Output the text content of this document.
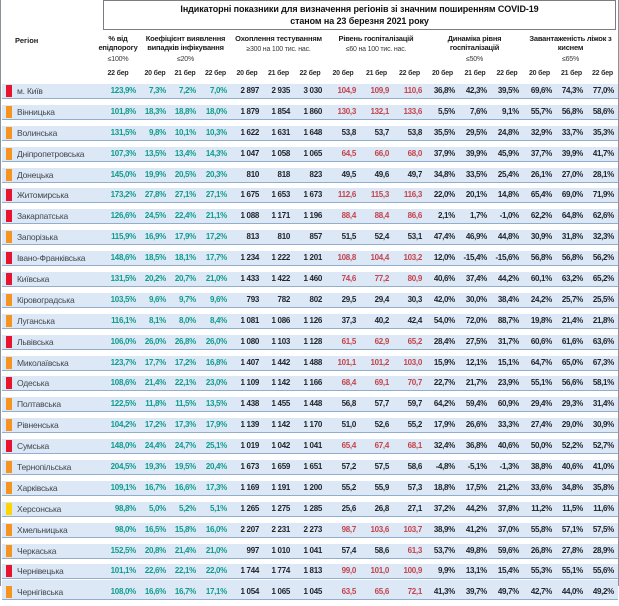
Індикаторні показники для визначення регіонів зі значним поширенням COVID-19
станом на 23 березня 2021 року
Регіон	% від епідпорогу
≤100%
Коефіцієнт виявлення випадків інфікування
≤20%
Охоплення тестуванням
≥300 на 100 тис. нас.
Рівень госпіталізацій
≤60 на 100 тис. нас.
Динаміка рівня госпіталізацій
≤50%
Завантаженість ліжок з киснем
≤65%
22 бер	20 бер	21 бер	22 бер	20 бер	21 бер	22 бер	20 бер	21 бер	22 бер	20 бер	21 бер	22 бер	20 бер	21 бер	22 бер
м. Київ	123,9%	7,3%	7,2%	7,0%	2 897	2 935	3 030	104,9	109,9	110,6	36,8%	42,3%	39,5%	69,6%	74,3%	77,0%
Вінницька	101,8%	18,3%	18,8%	18,0%	1 879	1 854	1 860	130,3	132,1	133,6	5,5%	7,6%	9,1%	55,7%	56,8%	58,6%
Волинська	131,5%	9,8%	10,1%	10,3%	1 622	1 631	1 648	53,8	53,7	53,8	35,5%	29,5%	24,8%	32,9%	33,7%	35,3%
Дніпропетровська	107,3%	13,5%	13,4%	14,3%	1 047	1 058	1 065	64,5	66,0	68,0	37,9%	39,9%	45,9%	37,7%	39,9%	41,7%
Донецька	145,0%	19,9%	20,5%	20,3%	810	818	823	49,5	49,6	49,7	34,8%	33,5%	25,4%	26,1%	27,0%	28,1%
Житомирська	173,2%	27,8%	27,1%	27,1%	1 675	1 653	1 673	112,6	115,3	116,3	22,0%	20,1%	14,8%	65,4%	69,0%	71,9%
Закарпатська	126,6%	24,5%	22,4%	21,1%	1 088	1 171	1 196	88,4	88,4	86,6	2,1%	1,7%	-1,0%	62,2%	64,8%	62,6%
Запорізька	115,9%	16,9%	17,9%	17,2%	813	810	857	51,5	52,4	53,1	47,4%	46,9%	44,8%	30,9%	31,8%	32,3%
Івано-Франківська	148,6%	18,5%	18,1%	17,7%	1 234	1 222	1 201	108,8	104,4	103,2	12,0%	-15,4%	-15,6%	56,8%	56,8%	56,2%
Київська	131,5%	20,2%	20,7%	21,0%	1 433	1 422	1 460	74,6	77,2	80,9	40,6%	37,4%	44,2%	60,1%	63,2%	65,2%
Кіровоградська	103,5%	9,6%	9,7%	9,6%	793	782	802	29,5	29,4	30,3	42,0%	30,0%	38,4%	24,2%	25,7%	25,5%
Луганська	116,1%	8,1%	8,0%	8,4%	1 081	1 086	1 126	37,3	40,2	42,4	54,0%	72,0%	88,7%	19,8%	21,4%	21,8%
Львівська	106,0%	26,0%	26,8%	26,0%	1 080	1 103	1 128	61,5	62,9	65,2	28,4%	27,5%	31,7%	60,6%	61,6%	63,6%
Миколаївська	123,7%	17,7%	17,2%	16,8%	1 407	1 442	1 488	101,1	101,2	103,0	15,9%	12,1%	15,1%	64,7%	65,0%	67,3%
Одеська	108,6%	21,4%	22,1%	23,0%	1 109	1 142	1 166	68,4	69,1	70,7	22,7%	21,7%	23,9%	55,1%	56,6%	58,1%
Полтавська	122,5%	11,8%	11,5%	13,5%	1 438	1 455	1 448	56,8	57,7	59,7	64,2%	59,4%	60,9%	29,4%	29,3%	31,4%
Рівненська	104,2%	17,2%	17,3%	17,9%	1 139	1 142	1 170	51,0	52,6	55,2	17,9%	26,6%	33,3%	27,4%	29,0%	30,9%
Сумська	148,0%	24,4%	24,7%	25,1%	1 019	1 042	1 041	65,4	67,4	68,1	32,4%	36,8%	40,6%	50,0%	52,2%	52,7%
Тернопільська	204,5%	19,3%	19,5%	20,4%	1 673	1 659	1 651	57,2	57,5	58,6	-4,8%	-5,1%	-1,3%	38,8%	40,6%	41,0%
Харківська	109,1%	16,7%	16,6%	17,3%	1 169	1 191	1 200	55,2	55,9	57,3	18,8%	17,5%	21,2%	33,6%	34,8%	35,8%
Херсонська	98,8%	5,0%	5,2%	5,1%	1 265	1 275	1 285	25,6	26,8	27,1	37,2%	44,2%	37,8%	11,2%	11,5%	11,6%
Хмельницька	98,0%	16,5%	15,8%	16,0%	2 207	2 231	2 273	98,7	103,6	103,7	38,9%	41,2%	37,0%	55,8%	57,1%	57,5%
Черкаська	152,5%	20,8%	21,4%	21,0%	997	1 010	1 041	57,4	58,6	61,3	53,7%	49,8%	59,6%	26,8%	27,8%	28,9%
Чернівецька	101,1%	22,6%	22,1%	22,0%	1 744	1 774	1 813	99,0	101,0	100,9	9,9%	13,1%	15,4%	55,3%	55,1%	55,6%
Чернігівська	108,0%	16,6%	16,7%	17,1%	1 054	1 065	1 045	63,5	65,6	72,1	41,3%	39,7%	49,7%	42,7%	44,0%	49,2%
